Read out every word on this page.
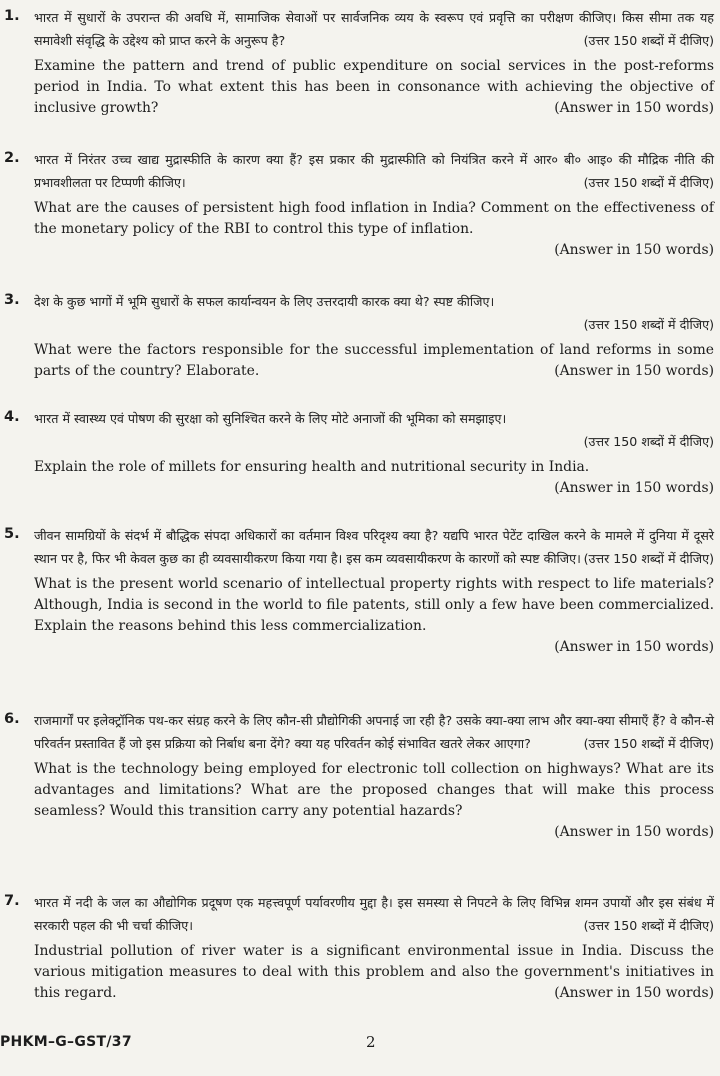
1. भारत में सुधारों के उपरान्त की अवधि में, सामाजिक सेवाओं पर सार्वजनिक व्यय के स्वरूप एवं प्रवृत्ति का परीक्षण कीजिए। किस सीमा तक यह समावेशी संवृद्धि के उद्देश्य को प्राप्त करने के अनुरूप है?	(उत्तर 150 शब्दों में दीजिए)
Examine the pattern and trend of public expenditure on social services in the post-reforms period in India. To what extent this has been in consonance with achieving the objective of inclusive growth?	(Answer in 150 words)
2. भारत में निरंतर उच्च खाद्य मुद्रास्फीति के कारण क्या हैं? इस प्रकार की मुद्रास्फीति को नियंत्रित करने में आर० बी० आइ० की मौद्रिक नीति की प्रभावशीलता पर टिप्पणी कीजिए।	(उत्तर 150 शब्दों में दीजिए)
What are the causes of persistent high food inflation in India? Comment on the effectiveness of the monetary policy of the RBI to control this type of inflation.
(Answer in 150 words)
3. देश के कुछ भागों में भूमि सुधारों के सफल कार्यान्वयन के लिए उत्तरदायी कारक क्या थे? स्पष्ट कीजिए।
(उत्तर 150 शब्दों में दीजिए)
What were the factors responsible for the successful implementation of land reforms in some parts of the country? Elaborate.	(Answer in 150 words)
4. भारत में स्वास्थ्य एवं पोषण की सुरक्षा को सुनिश्चित करने के लिए मोटे अनाजों की भूमिका को समझाइए।
(उत्तर 150 शब्दों में दीजिए)
Explain the role of millets for ensuring health and nutritional security in India.
(Answer in 150 words)
5. जीवन सामग्रियों के संदर्भ में बौद्धिक संपदा अधिकारों का वर्तमान विश्व परिदृश्य क्या है? यद्यपि भारत पेटेंट दाखिल करने के मामले में दुनिया में दूसरे स्थान पर है, फिर भी केवल कुछ का ही व्यवसायीकरण किया गया है। इस कम व्यवसायीकरण के कारणों को स्पष्ट कीजिए। (उत्तर 150 शब्दों में दीजिए)
What is the present world scenario of intellectual property rights with respect to life materials? Although, India is second in the world to file patents, still only a few have been commercialized. Explain the reasons behind this less commercialization.
(Answer in 150 words)
6. राजमार्गों पर इलेक्ट्रॉनिक पथ-कर संग्रह करने के लिए कौन-सी प्रौद्योगिकी अपनाई जा रही है? उसके क्या-क्या लाभ और क्या-क्या सीमाएँ हैं? वे कौन-से परिवर्तन प्रस्तावित हैं जो इस प्रक्रिया को निर्बाध बना देंगे? क्या यह परिवर्तन कोई संभावित खतरे लेकर आएगा?	(उत्तर 150 शब्दों में दीजिए)
What is the technology being employed for electronic toll collection on highways? What are its advantages and limitations? What are the proposed changes that will make this process seamless? Would this transition carry any potential hazards?
(Answer in 150 words)
7. भारत में नदी के जल का औद्योगिक प्रदूषण एक महत्त्वपूर्ण पर्यावरणीय मुद्दा है। इस समस्या से निपटने के लिए विभिन्न शमन उपायों और इस संबंध में सरकारी पहल की भी चर्चा कीजिए।	(उत्तर 150 शब्दों में दीजिए)
Industrial pollution of river water is a significant environmental issue in India. Discuss the various mitigation measures to deal with this problem and also the government's initiatives in this regard.	(Answer in 150 words)
PHKM–G–GST/37	2
